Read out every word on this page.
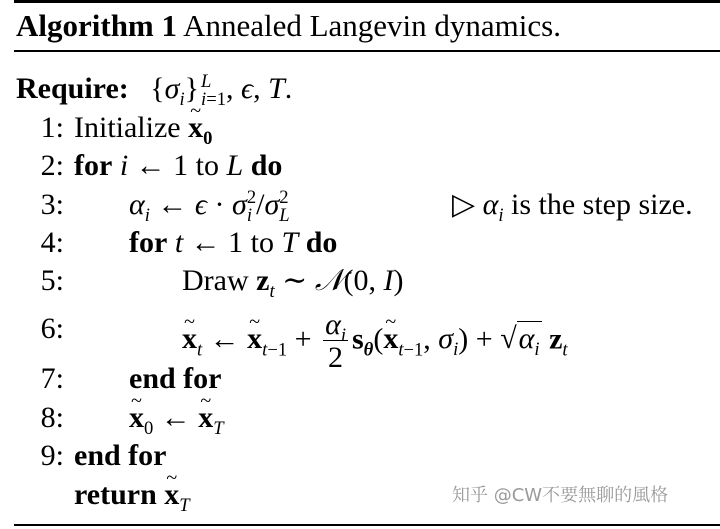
Algorithm 1 Annealed Langevin dynamics.
Require: $\{\sigma_i\}$ L
i=1 , ϵ, T.
1: Initialize ~ $x_0$
2: for i ← 1 to L do
3: $\alpha_i$ ← ϵ · σ 2
i /σ 2
L	▷ $\alpha_i$ is the step size.
4: for t ← 1 to T do
5:	Draw $z_t$ ∼ 𝒩(0, I)
6:	~ $x_t$ ← ~ $x_{t-1} + \frac{\alpha_i}{2}$ $s_\theta(\sim$ $x_{t-1}$, $\sigma_i) + √\alpha_i$ $z_t$
7: end for
8: ~ $x_0$ ← ~ $x_T$
9: end for
return ~ $x_T$	知乎 @CW不要無聊的風格
